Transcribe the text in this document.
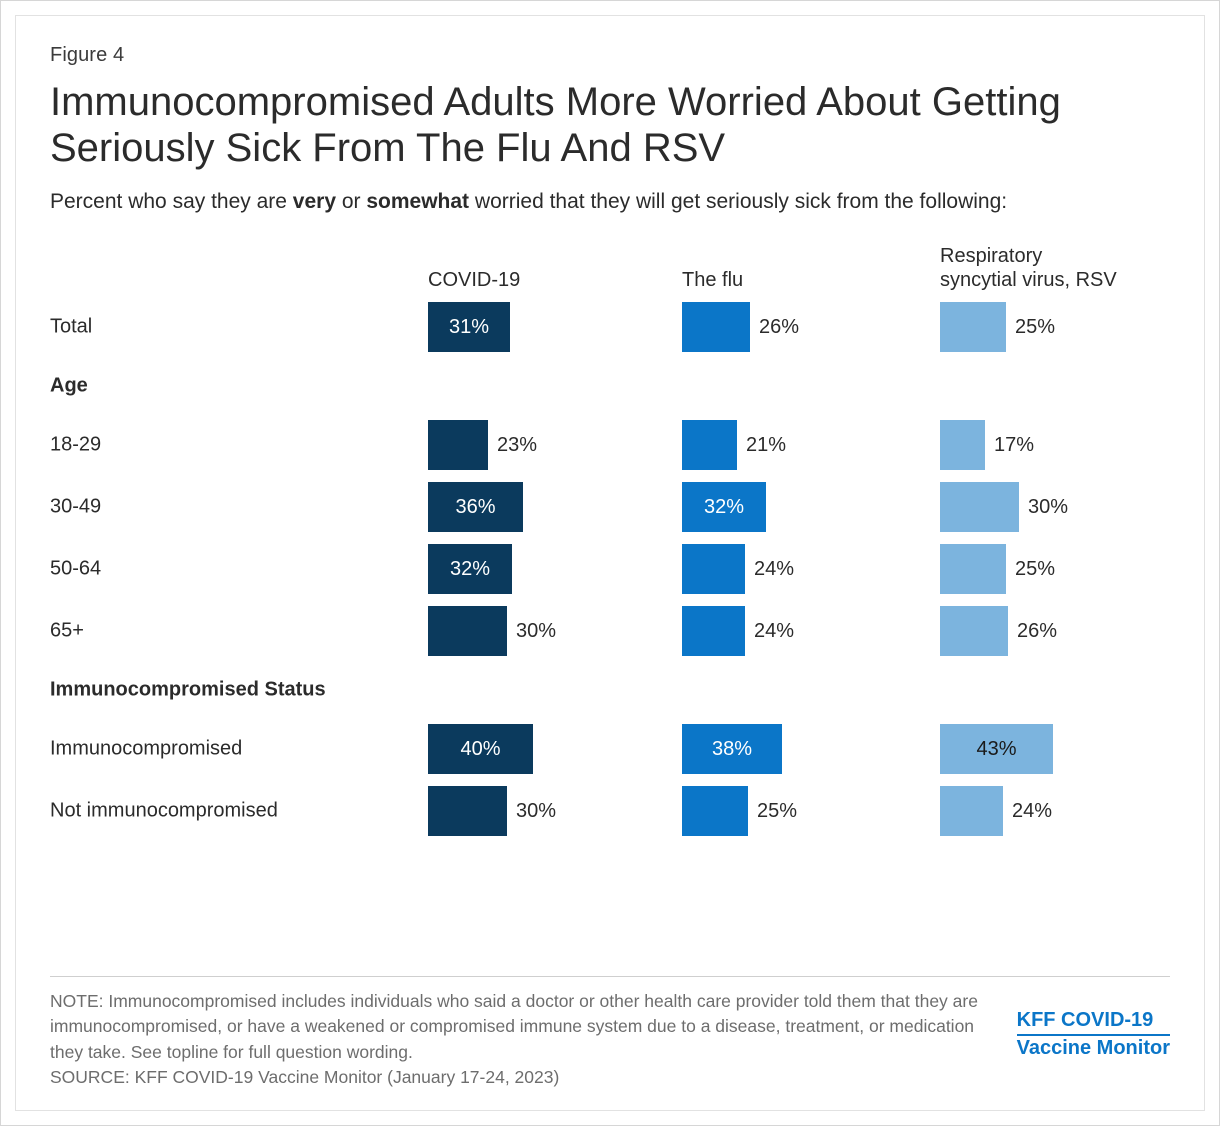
Figure 4
Immunocompromised Adults More Worried About Getting Seriously Sick From The Flu And RSV
Percent who say they are very or somewhat worried that they will get seriously sick from the following:
COVID-19	The flu
Respiratory
syncytial virus, RSV
Total	31%	26%	25%
Age
18-29	23%	21%	17%
30-49	36%	32%	30%
50-64	32%	24%	25%
65+	30%	24%	26%
Immunocompromised Status
Immunocompromised	40%	38%	43%
Not immunocompromised	30%	25%	24%
NOTE: Immunocompromised includes individuals who said a doctor or other health care provider told them that they are immunocompromised, or have a weakened or compromised immune system due to a disease, treatment, or medication they take. See topline for full question wording.
SOURCE: KFF COVID-19 Vaccine Monitor (January 17-24, 2023)
KFF COVID-19
Vaccine Monitor
